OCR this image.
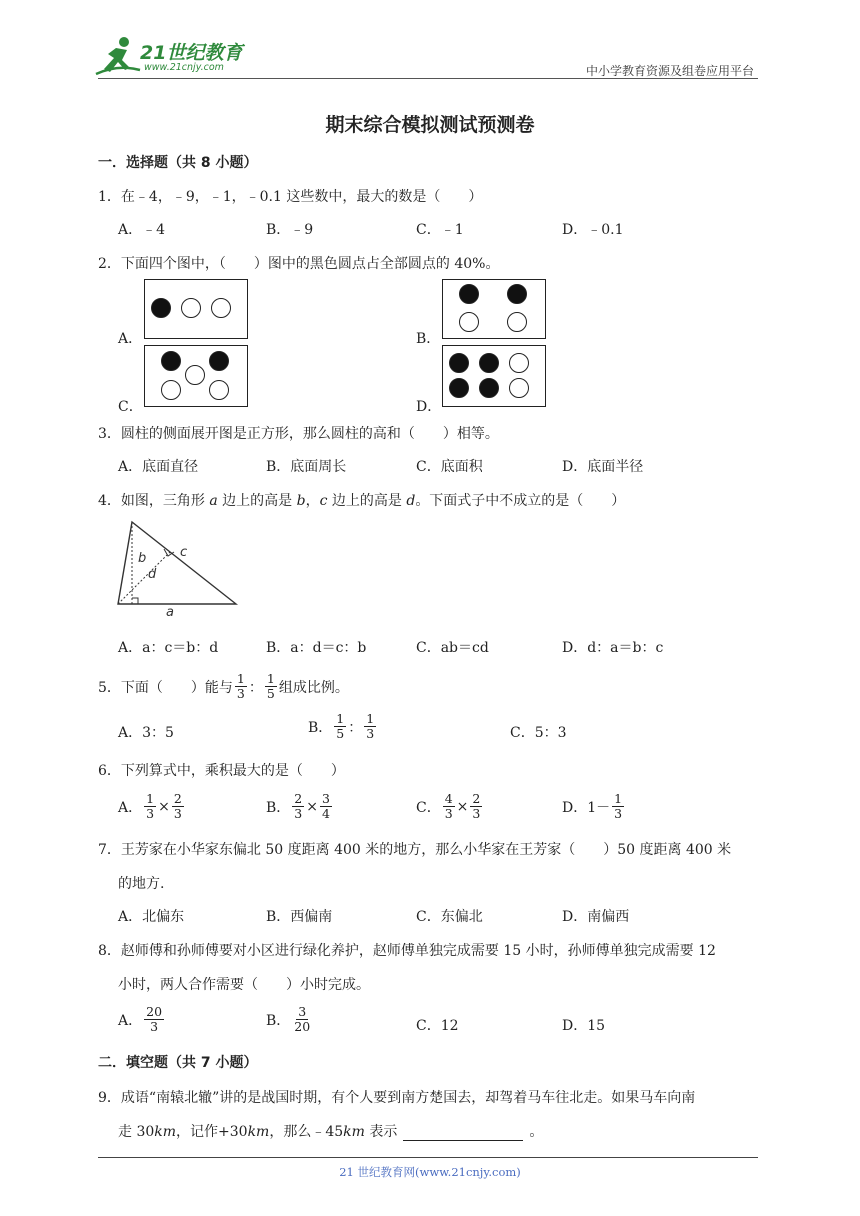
21世纪教育
www.21cnjy.com	中小学教育资源及组卷应用平台
期末综合模拟测试预测卷
一．选择题（共 8 小题）
1．在﹣4，﹣9，﹣1，﹣0.1 这些数中，最大的数是（　　）
A．﹣4	B．﹣9	C．﹣1	D．﹣0.1
2．下面四个图中，（　　）图中的黑色圆点占全部圆点的 40%。
A．	B．
C．	D．
3．圆柱的侧面展开图是正方形，那么圆柱的高和（　　）相等。
A．底面直径	B．底面周长	C．底面积	D．底面半径
4．如图，三角形 a 边上的高是 b，c 边上的高是 d。下面式子中不成立的是（　　）
b	c
d
a
A．a：c＝b：d	B．a：d＝c：b	C．ab＝cd	D．d：a＝b：c
5．下面（　　）能与 $\frac{1}{3}$ ： $\frac{1}{5}$ 组成比例。
A．3：5	B． $\frac{1}{5}$ ： $\frac{1}{3}$	C．5：3
6．下列算式中，乘积最大的是（　　）
A． $\frac{1}{3} \times \frac{2}{3}$	B． $\frac{2}{3} \times \frac{3}{4}$	C． $\frac{4}{3} \times \frac{2}{3}$	D． $1- \frac{1}{3}$
7．王芳家在小华家东偏北 50 度距离 400 米的地方，那么小华家在王芳家（　　）50 度距离 400 米
的地方.
A．北偏东	B．西偏南	C．东偏北	D．南偏西
8．赵师傅和孙师傅要对小区进行绿化养护，赵师傅单独完成需要 15 小时，孙师傅单独完成需要 12
小时，两人合作需要（　　）小时完成。
A． $\frac{20}{3}$	B． $\frac{3}{20}$	C．12	D．15
二．填空题（共 7 小题）
9．成语“南辕北辙”讲的是战国时期，有个人要到南方楚国去，却驾着马车往北走。如果马车向南
走 30km，记作+30km，那么﹣45km 表示	。
21 世纪教育网(www.21cnjy.com)
